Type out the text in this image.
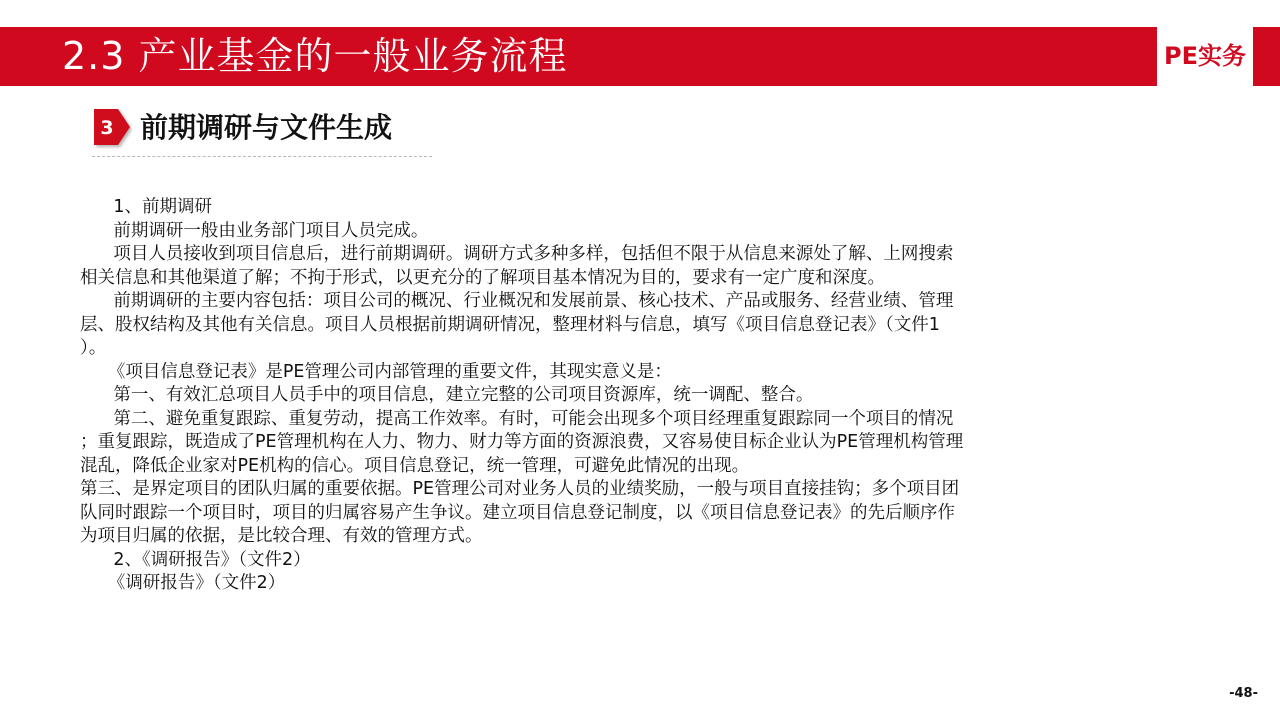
2.3 产业基金的一般业务流程	PE实务
3 前期调研与文件生成
1、前期调研
前期调研一般由业务部门项目人员完成。
项目人员接收到项目信息后，进行前期调研。调研方式多种多样，包括但不限于从信息来源处了解、上网搜索
相关信息和其他渠道了解；不拘于形式，以更充分的了解项目基本情况为目的，要求有一定广度和深度。
前期调研的主要内容包括：项目公司的概况、行业概况和发展前景、核心技术、产品或服务、经营业绩、管理
层、股权结构及其他有关信息。项目人员根据前期调研情况，整理材料与信息，填写《项目信息登记表》（文件1
）。
《项目信息登记表》是PE管理公司内部管理的重要文件，其现实意义是：
第一、有效汇总项目人员手中的项目信息，建立完整的公司项目资源库，统一调配、整合。
第二、避免重复跟踪、重复劳动，提高工作效率。有时，可能会出现多个项目经理重复跟踪同一个项目的情况
；重复跟踪，既造成了PE管理机构在人力、物力、财力等方面的资源浪费，又容易使目标企业认为PE管理机构管理
混乱，降低企业家对PE机构的信心。项目信息登记，统一管理，可避免此情况的出现。
第三、是界定项目的团队归属的重要依据。PE管理公司对业务人员的业绩奖励，一般与项目直接挂钩；多个项目团
队同时跟踪一个项目时，项目的归属容易产生争议。建立项目信息登记制度，以《项目信息登记表》的先后顺序作
为项目归属的依据，是比较合理、有效的管理方式。
2、《调研报告》（文件2）
《调研报告》（文件2）
-48-
